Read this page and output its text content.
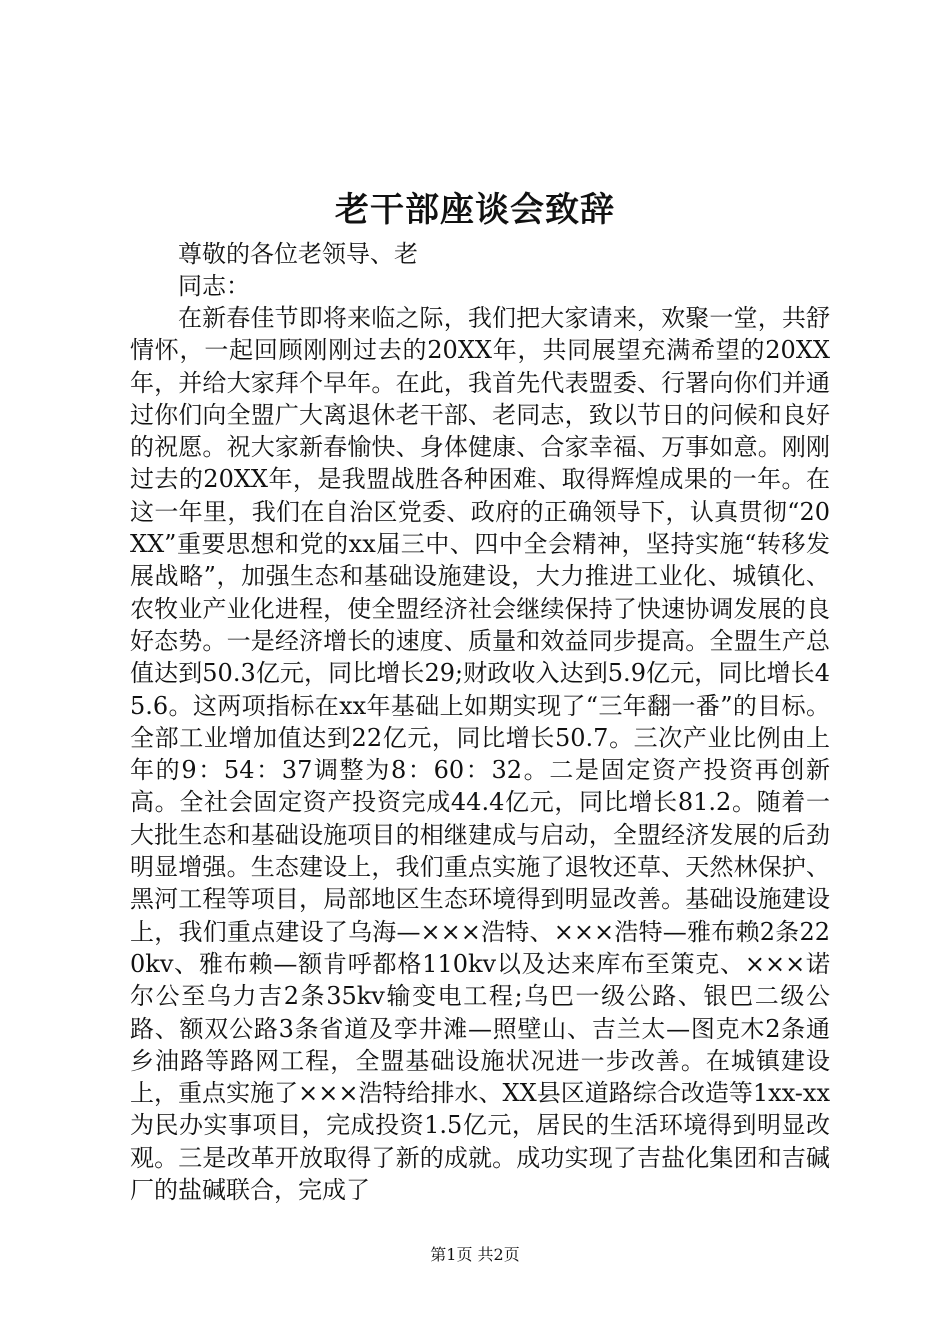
老干部座谈会致辞
尊敬的各位老领导、老
同志：

在新春佳节即将来临之际，我们把大家请来，欢聚一堂，共舒情怀，一起回顾刚刚过去的20XX年，共同展望充满希望的20XX年，并给大家拜个早年。在此，我首先代表盟委、行署向你们并通过你们向全盟广大离退休老干部、老同志，致以节日的问候和良好的祝愿。祝大家新春愉快、身体健康、合家幸福、万事如意。刚刚过去的20XX年，是我盟战胜各种困难、取得辉煌成果的一年。在这一年里，我们在自治区党委、政府的正确领导下，认真贯彻“20XX”重要思想和党的xx届三中、四中全会精神，坚持实施“转移发展战略”，加强生态和基础设施建设，大力推进工业化、城镇化、农牧业产业化进程，使全盟经济社会继续保持了快速协调发展的良好态势。一是经济增长的速度、质量和效益同步提高。全盟生产总值达到50.3亿元，同比增长29;财政收入达到5.9亿元，同比增长45.6。这两项指标在xx年基础上如期实现了“三年翻一番”的目标。全部工业增加值达到22亿元，同比增长50.7。三次产业比例由上年的9：54：37调整为8：60：32。二是固定资产投资再创新高。全社会固定资产投资完成44.4亿元，同比增长81.2。随着一大批生态和基础设施项目的相继建成与启动，全盟经济发展的后劲明显增强。生态建设上，我们重点实施了退牧还草、天然林保护、黑河工程等项目，局部地区生态环境得到明显改善。基础设施建设上，我们重点建设了乌海—×××浩特、×××浩特—雅布赖2条220kv、雅布赖—额肯呼都格110kv以及达来库布至策克、×××诺尔公至乌力吉2条35kv输变电工程;乌巴一级公路、银巴二级公路、额双公路3条省道及孪井滩—照壁山、吉兰太—图克木2条通乡油路等路网工程，全盟基础设施状况进一步改善。在城镇建设上，重点实施了×××浩特给排水、XX县区道路综合改造等1xx-xx为民办实事项目，完成投资1.5亿元，居民的生活环境得到明显改观。三是改革开放取得了新的成就。成功实现了吉盐化集团和吉碱厂的盐碱联合，完成了

第1页 共2页
